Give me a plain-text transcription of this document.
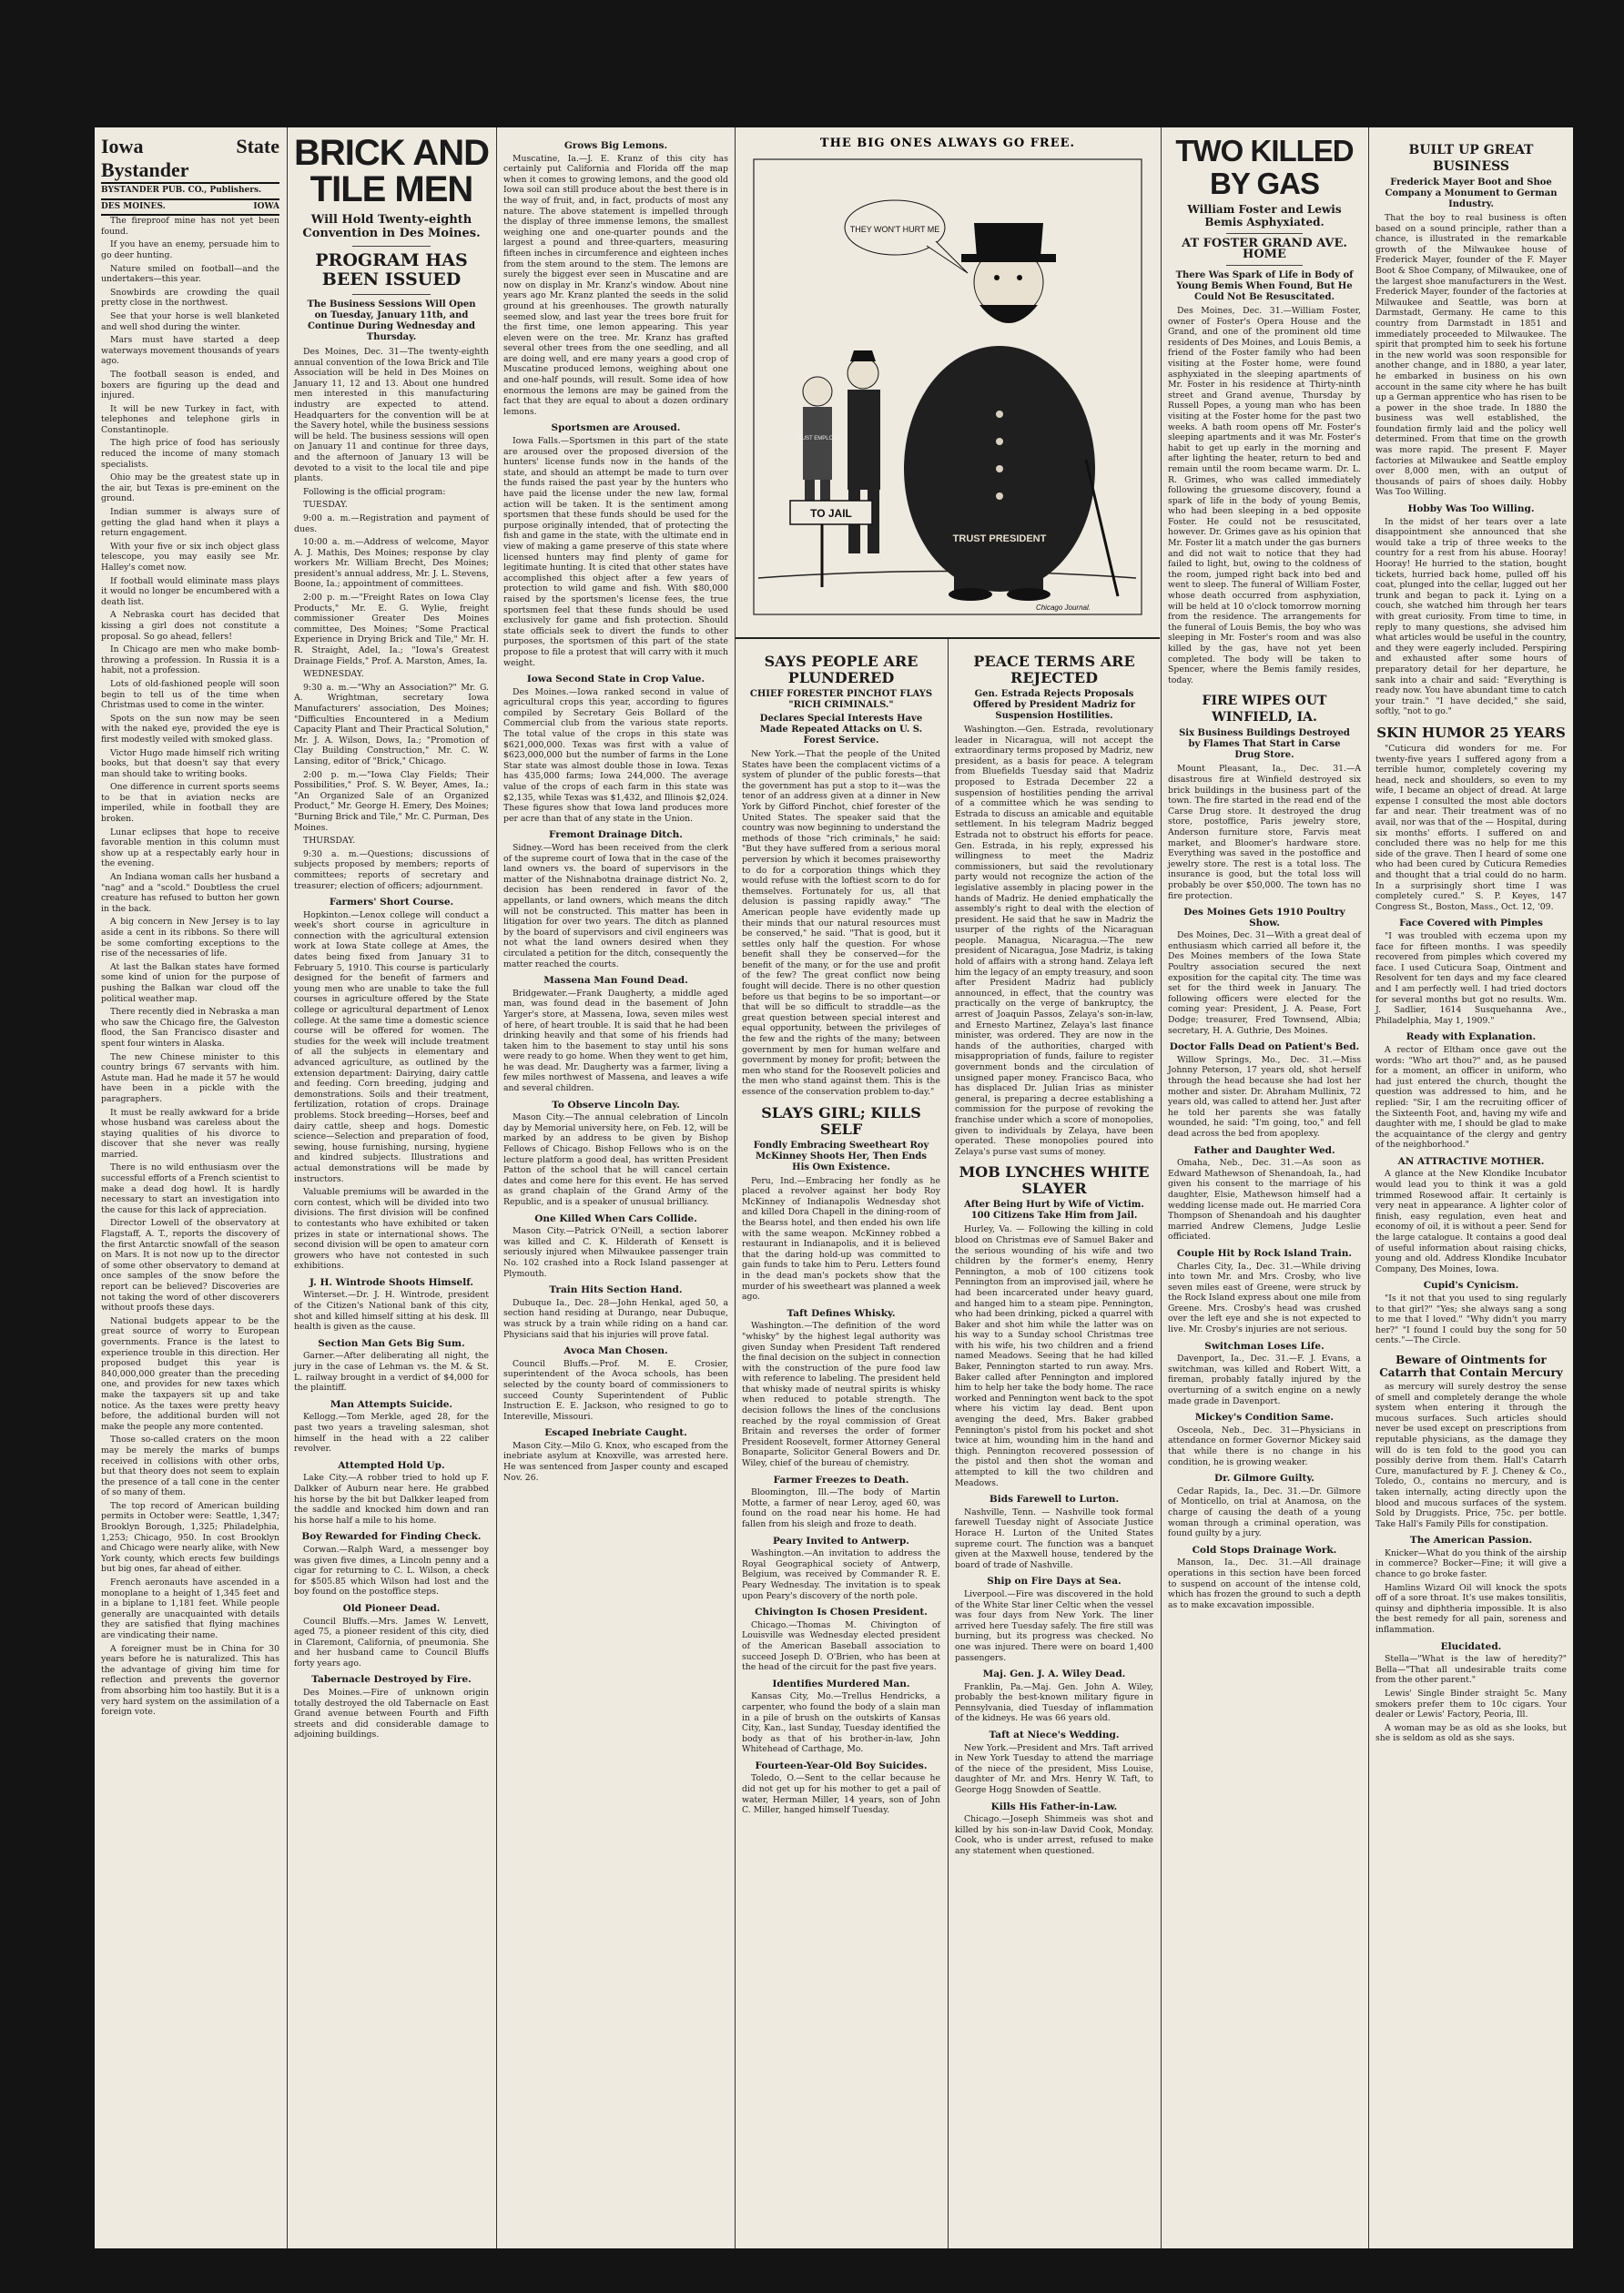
Iowa State Bystander
BYSTANDER PUB. CO., Publishers.
DES MOINES.	IOWA

The fireproof mine has not yet been found.

If you have an enemy, persuade him to go deer hunting.

Nature smiled on football—and the undertakers—this year.

Snowbirds are crowding the quail pretty close in the northwest.

See that your horse is well blanketed and well shod during the winter.

Mars must have started a deep waterways movement thousands of years ago.

The football season is ended, and boxers are figuring up the dead and injured.

It will be new Turkey in fact, with telephones and telephone girls in Constantinople.

The high price of food has seriously reduced the income of many stomach specialists.

Ohio may be the greatest state up in the air, but Texas is pre-eminent on the ground.

Indian summer is always sure of getting the glad hand when it plays a return engagement.

With your five or six inch object glass telescope, you may easily see Mr. Halley's comet now.

If football would eliminate mass plays it would no longer be encumbered with a death list.

A Nebraska court has decided that kissing a girl does not constitute a proposal. So go ahead, fellers!

In Chicago are men who make bomb-throwing a profession. In Russia it is a habit, not a profession.

Lots of old-fashioned people will soon begin to tell us of the time when Christmas used to come in the winter.

Spots on the sun now may be seen with the naked eye, provided the eye is first modestly veiled with smoked glass.

Victor Hugo made himself rich writing books, but that doesn't say that every man should take to writing books.

One difference in current sports seems to be that in aviation necks are imperiled, while in football they are broken.

Lunar eclipses that hope to receive favorable mention in this column must show up at a respectably early hour in the evening.

An Indiana woman calls her husband a "nag" and a "scold." Doubtless the cruel creature has refused to button her gown in the back.

A big concern in New Jersey is to lay aside a cent in its ribbons. So there will be some comforting exceptions to the rise of the necessaries of life.

At last the Balkan states have formed some kind of union for the purpose of pushing the Balkan war cloud off the political weather map.

There recently died in Nebraska a man who saw the Chicago fire, the Galveston flood, the San Francisco disaster and spent four winters in Alaska.

The new Chinese minister to this country brings 67 servants with him. Astute man. Had he made it 57 he would have been in a pickle with the paragraphers.

It must be really awkward for a bride whose husband was careless about the staying qualities of his divorce to discover that she never was really married.

There is no wild enthusiasm over the successful efforts of a French scientist to make a dead dog howl. It is hardly necessary to start an investigation into the cause for this lack of appreciation.

Director Lowell of the observatory at Flagstaff, A. T., reports the discovery of the first Antarctic snowfall of the season on Mars. It is not now up to the director of some other observatory to demand at once samples of the snow before the report can be believed? Discoveries are not taking the word of other discoverers without proofs these days.

National budgets appear to be the great source of worry to European governments. France is the latest to experience trouble in this direction. Her proposed budget this year is 840,000,000 greater than the preceding one, and provides for new taxes which make the taxpayers sit up and take notice. As the taxes were pretty heavy before, the additional burden will not make the people any more contented.

Those so-called craters on the moon may be merely the marks of bumps received in collisions with other orbs, but that theory does not seem to explain the presence of a tall cone in the center of so many of them.

The top record of American building permits in October were: Seattle, 1,347; Brooklyn Borough, 1,325; Philadelphia, 1,253; Chicago, 950. In cost Brooklyn and Chicago were nearly alike, with New York county, which erects few buildings but big ones, far ahead of either.

French aeronauts have ascended in a monoplane to a height of 1,345 feet and in a biplane to 1,181 feet. While people generally are unacquainted with details they are satisfied that flying machines are vindicating their name.

A foreigner must be in China for 30 years before he is naturalized. This has the advantage of giving him time for reflection and prevents the governor from absorbing him too hastily. But it is a very hard system on the assimilation of a foreign vote.

BRICK AND TILE MEN
Will Hold Twenty-eighth Convention in Des Moines.
PROGRAM HAS BEEN ISSUED
The Business Sessions Will Open on Tuesday, January 11th, and Continue During Wednesday and Thursday.

Des Moines, Dec. 31—The twenty-eighth annual convention of the Iowa Brick and Tile Association will be held in Des Moines on January 11, 12 and 13. About one hundred men interested in this manufacturing industry are expected to attend. Headquarters for the convention will be at the Savery hotel, while the business sessions will be held. The business sessions will open on January 11 and continue for three days, and the afternoon of January 13 will be devoted to a visit to the local tile and pipe plants.

Following is the official program:

TUESDAY.

9:00 a. m.—Registration and payment of dues.

10:00 a. m.—Address of welcome, Mayor A. J. Mathis, Des Moines; response by clay workers Mr. William Brecht, Des Moines; president's annual address, Mr. J. L. Stevens, Boone, Ia.; appointment of committees.

2:00 p. m.—"Freight Rates on Iowa Clay Products," Mr. E. G. Wylie, freight commissioner Greater Des Moines committee, Des Moines; "Some Practical Experience in Drying Brick and Tile," Mr. H. R. Straight, Adel, Ia.; "Iowa's Greatest Drainage Fields," Prof. A. Marston, Ames, Ia.

WEDNESDAY.

9:30 a. m.—"Why an Association?" Mr. G. A. Wrightman, secretary Iowa Manufacturers' association, Des Moines; "Difficulties Encountered in a Medium Capacity Plant and Their Practical Solution," Mr. J. A. Wilson, Dows, Ia.; "Promotion of Clay Building Construction," Mr. C. W. Lansing, editor of "Brick," Chicago.

2:00 p. m.—"Iowa Clay Fields; Their Possibilities," Prof. S. W. Beyer, Ames, Ia.; "An Organized Sale of an Organized Product," Mr. George H. Emery, Des Moines; "Burning Brick and Tile," Mr. C. Purman, Des Moines.

THURSDAY.

9:30 a. m.—Questions; discussions of subjects proposed by members; reports of committees; reports of secretary and treasurer; election of officers; adjournment.

Farmers' Short Course.

Hopkinton.—Lenox college will conduct a week's short course in agriculture in connection with the agricultural extension work at Iowa State college at Ames, the dates being fixed from January 31 to February 5, 1910. This course is particularly designed for the benefit of farmers and young men who are unable to take the full courses in agriculture offered by the State college or agricultural department of Lenox college. At the same time a domestic science course will be offered for women. The studies for the week will include treatment of all the subjects in elementary and advanced agriculture, as outlined by the extension department: Dairying, dairy cattle and feeding. Corn breeding, judging and demonstrations. Soils and their treatment, fertilization, rotation of crops. Drainage problems. Stock breeding—Horses, beef and dairy cattle, sheep and hogs. Domestic science—Selection and preparation of food, sewing, house furnishing, nursing, hygiene and kindred subjects. Illustrations and actual demonstrations will be made by instructors.

Valuable premiums will be awarded in the corn contest, which will be divided into two divisions. The first division will be confined to contestants who have exhibited or taken prizes in state or international shows. The second division will be open to amateur corn growers who have not contested in such exhibitions.

J. H. Wintrode Shoots Himself.

Winterset.—Dr. J. H. Wintrode, president of the Citizen's National bank of this city, shot and killed himself sitting at his desk. Ill health is given as the cause.

Section Man Gets Big Sum.

Garner.—After deliberating all night, the jury in the case of Lehman vs. the M. & St. L. railway brought in a verdict of $4,000 for the plaintiff.

Man Attempts Suicide.

Kellogg.—Tom Merkle, aged 28, for the past two years a traveling salesman, shot himself in the head with a 22 caliber revolver.

Attempted Hold Up.

Lake City.—A robber tried to hold up F. Dalkker of Auburn near here. He grabbed his horse by the bit but Dalkker leaped from the saddle and knocked him down and ran his horse half a mile to his home.

Boy Rewarded for Finding Check.

Corwan.—Ralph Ward, a messenger boy was given five dimes, a Lincoln penny and a cigar for returning to C. L. Wilson, a check for $505.85 which Wilson had lost and the boy found on the postoffice steps.

Old Pioneer Dead.

Council Bluffs.—Mrs. James W. Lenvett, aged 75, a pioneer resident of this city, died in Claremont, California, of pneumonia. She and her husband came to Council Bluffs forty years ago.

Tabernacle Destroyed by Fire.

Des Moines.—Fire of unknown origin totally destroyed the old Tabernacle on East Grand avenue between Fourth and Fifth streets and did considerable damage to adjoining buildings.

Grows Big Lemons.

Muscatine, Ia.—J. E. Kranz of this city has certainly put California and Florida off the map when it comes to growing lemons, and the good old Iowa soil can still produce about the best there is in the way of fruit, and, in fact, products of most any nature. The above statement is impelled through the display of three immense lemons, the smallest weighing one and one-quarter pounds and the largest a pound and three-quarters, measuring fifteen inches in circumference and eighteen inches from the stem around to the stem. The lemons are surely the biggest ever seen in Muscatine and are now on display in Mr. Kranz's window. About nine years ago Mr. Kranz planted the seeds in the solid ground at his greenhouses. The growth naturally seemed slow, and last year the trees bore fruit for the first time, one lemon appearing. This year eleven were on the tree. Mr. Kranz has grafted several other trees from the one seedling, and all are doing well, and ere many years a good crop of Muscatine produced lemons, weighing about one and one-half pounds, will result. Some idea of how enormous the lemons are may be gained from the fact that they are equal to about a dozen ordinary lemons.

Sportsmen are Aroused.

Iowa Falls.—Sportsmen in this part of the state are aroused over the proposed diversion of the hunters' license funds now in the hands of the state, and should an attempt be made to turn over the funds raised the past year by the hunters who have paid the license under the new law, formal action will be taken. It is the sentiment among sportsmen that these funds should be used for the purpose originally intended, that of protecting the fish and game in the state, with the ultimate end in view of making a game preserve of this state where licensed hunters may find plenty of game for legitimate hunting. It is cited that other states have accomplished this object after a few years of protection to wild game and fish. With $80,000 raised by the sportsmen's license fees, the true sportsmen feel that these funds should be used exclusively for game and fish protection. Should state officials seek to divert the funds to other purposes, the sportsmen of this part of the state propose to file a protest that will carry with it much weight.

Iowa Second State in Crop Value.

Des Moines.—Iowa ranked second in value of agricultural crops this year, according to figures compiled by Secretary Geis Bollard of the Commercial club from the various state reports. The total value of the crops in this state was $621,000,000. Texas was first with a value of $623,000,000 but the number of farms in the Lone Star state was almost double those in Iowa. Texas has 435,000 farms; Iowa 244,000. The average value of the crops of each farm in this state was $2,135, while Texas was $1,432, and Illinois $2,024. These figures show that Iowa land produces more per acre than that of any state in the Union.

Fremont Drainage Ditch.

Sidney.—Word has been received from the clerk of the supreme court of Iowa that in the case of the land owners vs. the board of supervisors in the matter of the Nishnabotna drainage district No. 2, decision has been rendered in favor of the appellants, or land owners, which means the ditch will not be constructed. This matter has been in litigation for over two years. The ditch as planned by the board of supervisors and civil engineers was not what the land owners desired when they circulated a petition for the ditch, consequently the matter reached the courts.

Massena Man Found Dead.

Bridgewater.—Frank Daugherty, a middle aged man, was found dead in the basement of John Yarger's store, at Massena, Iowa, seven miles west of here, of heart trouble. It is said that he had been drinking heavily and that some of his friends had taken him to the basement to stay until his sons were ready to go home. When they went to get him, he was dead. Mr. Daugherty was a farmer, living a few miles northwest of Massena, and leaves a wife and several children.

To Observe Lincoln Day.

Mason City.—The annual celebration of Lincoln day by Memorial university here, on Feb. 12, will be marked by an address to be given by Bishop Fellows of Chicago. Bishop Fellows who is on the lecture platform a good deal, has written President Patton of the school that he will cancel certain dates and come here for this event. He has served as grand chaplain of the Grand Army of the Republic, and is a speaker of unusual brilliancy.

One Killed When Cars Collide.

Mason City.—Patrick O'Neill, a section laborer was killed and C. K. Hilderath of Kensett is seriously injured when Milwaukee passenger train No. 102 crashed into a Rock Island passenger at Plymouth.

Train Hits Section Hand.

Dubuque Ia., Dec. 28—John Henkal, aged 50, a section hand residing at Durango, near Dubuque, was struck by a train while riding on a hand car. Physicians said that his injuries will prove fatal.

Avoca Man Chosen.

Council Bluffs.—Prof. M. E. Crosier, superintendent of the Avoca schools, has been selected by the county board of commissioners to succeed County Superintendent of Public Instruction E. E. Jackson, who resigned to go to Intereville, Missouri.

Escaped Inebriate Caught.

Mason City.—Milo G. Knox, who escaped from the inebriate asylum at Knoxville, was arrested here. He was sentenced from Jasper county and escaped Nov. 26.

THE BIG ONES ALWAYS GO FREE.
TRUST PRESIDENT
THEY WON'T HURT ME
TRUST EMPLOYE
TO JAIL
Chicago Journal.
SAYS PEOPLE ARE PLUNDERED
CHIEF FORESTER PINCHOT FLAYS "RICH CRIMINALS."
Declares Special Interests Have Made Repeated Attacks on U. S. Forest Service.

New York.—That the people of the United States have been the complacent victims of a system of plunder of the public forests—that the government has put a stop to it—was the tenor of an address given at a dinner in New York by Gifford Pinchot, chief forester of the United States. The speaker said that the country was now beginning to understand the methods of those "rich criminals," he said: "But they have suffered from a serious moral perversion by which it becomes praiseworthy to do for a corporation things which they would refuse with the loftiest scorn to do for themselves. Fortunately for us, all that delusion is passing rapidly away." "The American people have evidently made up their minds that our natural resources must be conserved," he said. "That is good, but it settles only half the question. For whose benefit shall they be conserved—for the benefit of the many, or for the use and profit of the few? The great conflict now being fought will decide. There is no other question before us that begins to be so important—or that will be so difficult to straddle—as the great question between special interest and equal opportunity, between the privileges of the few and the rights of the many; between government by men for human welfare and government by money for profit; between the men who stand for the Roosevelt policies and the men who stand against them. This is the essence of the conservation problem to-day."

SLAYS GIRL; KILLS SELF
Fondly Embracing Sweetheart Roy McKinney Shoots Her, Then Ends His Own Existence.

Peru, Ind.—Embracing her fondly as he placed a revolver against her body Roy McKinney of Indianapolis Wednesday shot and killed Dora Chapell in the dining-room of the Bearss hotel, and then ended his own life with the same weapon. McKinney robbed a restaurant in Indianapolis, and it is believed that the daring hold-up was committed to gain funds to take him to Peru. Letters found in the dead man's pockets show that the murder of his sweetheart was planned a week ago.

Taft Defines Whisky.

Washington.—The definition of the word "whisky" by the highest legal authority was given Sunday when President Taft rendered the final decision on the subject in connection with the construction of the pure food law with reference to labeling. The president held that whisky made of neutral spirits is whisky when reduced to potable strength. The decision follows the lines of the conclusions reached by the royal commission of Great Britain and reverses the order of former President Roosevelt, former Attorney General Bonaparte, Solicitor General Bowers and Dr. Wiley, chief of the bureau of chemistry.

Farmer Freezes to Death.

Bloomington, Ill.—The body of Martin Motte, a farmer of near Leroy, aged 60, was found on the road near his home. He had fallen from his sleigh and froze to death.

Peary Invited to Antwerp.

Washington.—An invitation to address the Royal Geographical society of Antwerp, Belgium, was received by Commander R. E. Peary Wednesday. The invitation is to speak upon Peary's discovery of the north pole.

Chivington Is Chosen President.

Chicago.—Thomas M. Chivington of Louisville was Wednesday elected president of the American Baseball association to succeed Joseph D. O'Brien, who has been at the head of the circuit for the past five years.

Identifies Murdered Man.

Kansas City, Mo.—Trellus Hendricks, a carpenter, who found the body of a slain man in a pile of brush on the outskirts of Kansas City, Kan., last Sunday, Tuesday identified the body as that of his brother-in-law, John Whitehead of Carthage, Mo.

Fourteen-Year-Old Boy Suicides.

Toledo, O.—Sent to the cellar because he did not get up for his mother to get a pail of water, Herman Miller, 14 years, son of John C. Miller, hanged himself Tuesday.

PEACE TERMS ARE REJECTED
Gen. Estrada Rejects Proposals Offered by President Madriz for Suspension Hostilities.

Washington.—Gen. Estrada, revolutionary leader in Nicaragua, will not accept the extraordinary terms proposed by Madriz, new president, as a basis for peace. A telegram from Bluefields Tuesday said that Madriz proposed to Estrada December 22 a suspension of hostilities pending the arrival of a committee which he was sending to Estrada to discuss an amicable and equitable settlement. In his telegram Madriz begged Estrada not to obstruct his efforts for peace. Gen. Estrada, in his reply, expressed his willingness to meet the Madriz commissioners, but said the revolutionary party would not recognize the action of the legislative assembly in placing power in the hands of Madriz. He denied emphatically the assembly's right to deal with the election of president. He said that he saw in Madriz the usurper of the rights of the Nicaraguan people. Managua, Nicaragua.—The new president of Nicaragua, Jose Madriz, is taking hold of affairs with a strong hand. Zelaya left him the legacy of an empty treasury, and soon after President Madriz had publicly announced, in effect, that the country was practically on the verge of bankruptcy, the arrest of Joaquin Passos, Zelaya's son-in-law, and Ernesto Martinez, Zelaya's last finance minister, was ordered. They are now in the hands of the authorities, charged with misappropriation of funds, failure to register government bonds and the circulation of unsigned paper money. Francisco Baca, who has displaced Dr. Julian Irias as minister general, is preparing a decree establishing a commission for the purpose of revoking the franchise under which a score of monopolies, given to individuals by Zelaya, have been operated. These monopolies poured into Zelaya's purse vast sums of money.

MOB LYNCHES WHITE SLAYER
After Being Hurt by Wife of Victim. 100 Citizens Take Him from Jail.

Hurley, Va. — Following the killing in cold blood on Christmas eve of Samuel Baker and the serious wounding of his wife and two children by the former's enemy, Henry Pennington, a mob of 100 citizens took Pennington from an improvised jail, where he had been incarcerated under heavy guard, and hanged him to a steam pipe. Pennington, who had been drinking, picked a quarrel with Baker and shot him while the latter was on his way to a Sunday school Christmas tree with his wife, his two children and a friend named Meadows. Seeing that he had killed Baker, Pennington started to run away. Mrs. Baker called after Pennington and implored him to help her take the body home. The race worked and Pennington went back to the spot where his victim lay dead. Bent upon avenging the deed, Mrs. Baker grabbed Pennington's pistol from his pocket and shot twice at him, wounding him in the hand and thigh. Pennington recovered possession of the pistol and then shot the woman and attempted to kill the two children and Meadows.

Bids Farewell to Lurton.

Nashville, Tenn. — Nashville took formal farewell Tuesday night of Associate Justice Horace H. Lurton of the United States supreme court. The function was a banquet given at the Maxwell house, tendered by the board of trade of Nashville.

Ship on Fire Days at Sea.

Liverpool.—Fire was discovered in the hold of the White Star liner Celtic when the vessel was four days from New York. The liner arrived here Tuesday safely. The fire still was burning, but its progress was checked. No one was injured. There were on board 1,400 passengers.

Maj. Gen. J. A. Wiley Dead.

Franklin, Pa.—Maj. Gen. John A. Wiley, probably the best-known military figure in Pennsylvania, died Tuesday of inflammation of the kidneys. He was 66 years old.

Taft at Niece's Wedding.

New York.—President and Mrs. Taft arrived in New York Tuesday to attend the marriage of the niece of the president, Miss Louise, daughter of Mr. and Mrs. Henry W. Taft, to George Hogg Snowden of Seattle.

Kills His Father-in-Law.

Chicago.—Joseph Shimmeis was shot and killed by his son-in-law David Cook, Monday. Cook, who is under arrest, refused to make any statement when questioned.

TWO KILLED BY GAS
William Foster and Lewis Bemis Asphyxiated.
AT FOSTER GRAND AVE. HOME
There Was Spark of Life in Body of Young Bemis When Found, But He Could Not Be Resuscitated.

Des Moines, Dec. 31.—William Foster, owner of Foster's Opera House and the Grand, and one of the prominent old time residents of Des Moines, and Louis Bemis, a friend of the Foster family who had been visiting at the Foster home, were found asphyxiated in the sleeping apartments of Mr. Foster in his residence at Thirty-ninth street and Grand avenue, Thursday by Russell Popes, a young man who has been visiting at the Foster home for the past two weeks. A bath room opens off Mr. Foster's sleeping apartments and it was Mr. Foster's habit to get up early in the morning and after lighting the heater, return to bed and remain until the room became warm. Dr. L. R. Grimes, who was called immediately following the gruesome discovery, found a spark of life in the body of young Bemis, who had been sleeping in a bed opposite Foster. He could not be resuscitated, however. Dr. Grimes gave as his opinion that Mr. Foster lit a match under the gas burners and did not wait to notice that they had failed to light, but, owing to the coldness of the room, jumped right back into bed and went to sleep. The funeral of William Foster, whose death occurred from asphyxiation, will be held at 10 o'clock tomorrow morning from the residence. The arrangements for the funeral of Louis Bemis, the boy who was sleeping in Mr. Foster's room and was also killed by the gas, have not yet been completed. The body will be taken to Spencer, where the Bemis family resides, today.

FIRE WIPES OUT WINFIELD, IA.
Six Business Buildings Destroyed by Flames That Start in Carse Drug Store.

Mount Pleasant, Ia., Dec. 31.—A disastrous fire at Winfield destroyed six brick buildings in the business part of the town. The fire started in the read end of the Carse Drug store. It destroyed the drug store, postoffice, Paris jewelry store, Anderson furniture store, Farvis meat market, and Bloomer's hardware store. Everything was saved in the postoffice and jewelry store. The rest is a total loss. The insurance is good, but the total loss will probably be over $50,000. The town has no fire protection.

Des Moines Gets 1910 Poultry Show.

Des Moines, Dec. 31—With a great deal of enthusiasm which carried all before it, the Des Moines members of the Iowa State Poultry association secured the next exposition for the capital city. The time was set for the third week in January. The following officers were elected for the coming year: President, J. A. Pease, Fort Dodge; treasurer, Fred Townsend, Albia; secretary, H. A. Guthrie, Des Moines.

Doctor Falls Dead on Patient's Bed.

Willow Springs, Mo., Dec. 31.—Miss Johnny Peterson, 17 years old, shot herself through the head because she had lost her mother and sister. Dr. Abraham Mullinix, 72 years old, was called to attend her. Just after he told her parents she was fatally wounded, he said: "I'm going, too," and fell dead across the bed from apoplexy.

Father and Daughter Wed.

Omaha, Neb., Dec. 31.—As soon as Edward Mathewson of Shenandoah, Ia., had given his consent to the marriage of his daughter, Elsie, Mathewson himself had a wedding license made out. He married Cora Thompson of Shenandoah and his daughter married Andrew Clemens, Judge Leslie officiated.

Couple Hit by Rock Island Train.

Charles City, Ia., Dec. 31.—While driving into town Mr. and Mrs. Crosby, who live seven miles east of Greene, were struck by the Rock Island express about one mile from Greene. Mrs. Crosby's head was crushed over the left eye and she is not expected to live. Mr. Crosby's injuries are not serious.

Switchman Loses Life.

Davenport, Ia., Dec. 31.—F. J. Evans, a switchman, was killed and Robert Witt, a fireman, probably fatally injured by the overturning of a switch engine on a newly made grade in Davenport.

Mickey's Condition Same.

Osceola, Neb., Dec. 31—Physicians in attendance on former Governor Mickey said that while there is no change in his condition, he is growing weaker.

Dr. Gilmore Guilty.

Cedar Rapids, Ia., Dec. 31.—Dr. Gilmore of Monticello, on trial at Anamosa, on the charge of causing the death of a young woman through a criminal operation, was found guilty by a jury.

Cold Stops Drainage Work.

Manson, Ia., Dec. 31.—All drainage operations in this section have been forced to suspend on account of the intense cold, which has frozen the ground to such a depth as to make excavation impossible.

BUILT UP GREAT BUSINESS
Frederick Mayer Boot and Shoe Company a Monument to German Industry.

That the boy to real business is often based on a sound principle, rather than a chance, is illustrated in the remarkable growth of the Milwaukee house of Frederick Mayer, founder of the F. Mayer Boot & Shoe Company, of Milwaukee, one of the largest shoe manufacturers in the West. Frederick Mayer, founder of the factories at Milwaukee and Seattle, was born at Darmstadt, Germany. He came to this country from Darmstadt in 1851 and immediately proceeded to Milwaukee. The spirit that prompted him to seek his fortune in the new world was soon responsible for another change, and in 1880, a year later, he embarked in business on his own account in the same city where he has built up a German apprentice who has risen to be a power in the shoe trade. In 1880 the business was well established, the foundation firmly laid and the policy well determined. From that time on the growth was more rapid. The present F. Mayer factories at Milwaukee and Seattle employ over 8,000 men, with an output of thousands of pairs of shoes daily. Hobby Was Too Willing.

Hobby Was Too Willing.

In the midst of her tears over a late disappointment she announced that she would take a trip of three weeks to the country for a rest from his abuse. Hooray! Hooray! He hurried to the station, bought tickets, hurried back home, pulled off his coat, plunged into the cellar, lugged out her trunk and began to pack it. Lying on a couch, she watched him through her tears with great curiosity. From time to time, in reply to many questions, she advised him what articles would be useful in the country, and they were eagerly included. Perspiring and exhausted after some hours of preparatory detail for her departure, he sank into a chair and said: "Everything is ready now. You have abundant time to catch your train." "I have decided," she said, softly, "not to go."

SKIN HUMOR 25 YEARS

"Cuticura did wonders for me. For twenty-five years I suffered agony from a terrible humor, completely covering my head, neck and shoulders, so even to my wife, I became an object of dread. At large expense I consulted the most able doctors far and near. Their treatment was of no avail, nor was that of the — Hospital, during six months' efforts. I suffered on and concluded there was no help for me this side of the grave. Then I heard of some one who had been cured by Cuticura Remedies and thought that a trial could do no harm. In a surprisingly short time I was completely cured." S. P. Keyes, 147 Congress St., Boston, Mass., Oct. 12, '09.

Face Covered with Pimples

"I was troubled with eczema upon my face for fifteen months. I was speedily recovered from pimples which covered my face. I used Cuticura Soap, Ointment and Resolvent for ten days and my face cleared and I am perfectly well. I had tried doctors for several months but got no results. Wm. J. Sadlier, 1614 Susquehanna Ave., Philadelphia, May 1, 1909."

Ready with Explanation.

A rector of Eltham once gave out the words: "Who art thou?" and, as he paused for a moment, an officer in uniform, who had just entered the church, thought the question was addressed to him, and he replied: "Sir, I am the recruiting officer of the Sixteenth Foot, and, having my wife and daughter with me, I should be glad to make the acquaintance of the clergy and gentry of the neighborhood."

AN ATTRACTIVE MOTHER.

A glance at the New Klondike Incubator would lead you to think it was a gold trimmed Rosewood affair. It certainly is very neat in appearance. A lighter color of finish, easy regulation, even heat and economy of oil, it is without a peer. Send for the large catalogue. It contains a good deal of useful information about raising chicks, young and old. Address Klondike Incubator Company, Des Moines, Iowa.

Cupid's Cynicism.

"Is it not that you used to sing regularly to that girl?" "Yes; she always sang a song to me that I loved." "Why didn't you marry her?" "I found I could buy the song for 50 cents."—The Circle.

Beware of Ointments for Catarrh that Contain Mercury

as mercury will surely destroy the sense of smell and completely derange the whole system when entering it through the mucous surfaces. Such articles should never be used except on prescriptions from reputable physicians, as the damage they will do is ten fold to the good you can possibly derive from them. Hall's Catarrh Cure, manufactured by F. J. Cheney & Co., Toledo, O., contains no mercury, and is taken internally, acting directly upon the blood and mucous surfaces of the system. Sold by Druggists. Price, 75c. per bottle. Take Hall's Family Pills for constipation.

The American Passion.

Knicker—What do you think of the airship in commerce? Bocker—Fine; it will give a chance to go broke faster.

Hamlins Wizard Oil will knock the spots off of a sore throat. It's use makes tonsilitis, quinsy and diphtheria impossible. It is also the best remedy for all pain, soreness and inflammation.

Elucidated.

Stella—"What is the law of heredity?" Bella—"That all undesirable traits come from the other parent."

Lewis' Single Binder straight 5c. Many smokers prefer them to 10c cigars. Your dealer or Lewis' Factory, Peoria, Ill.

A woman may be as old as she looks, but she is seldom as old as she says.
